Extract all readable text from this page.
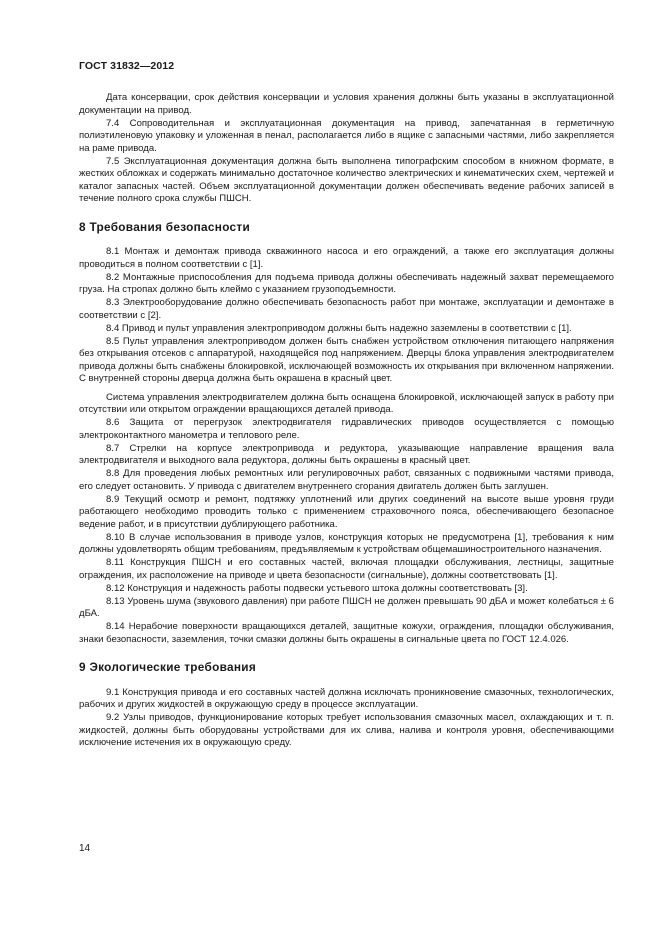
ГОСТ 31832—2012

Дата консервации, срок действия консервации и условия хранения должны быть указаны в эксплуатационной документации на привод.

7.4 Сопроводительная и эксплуатационная документация на привод, запечатанная в герметичную полиэтиленовую упаковку и уложенная в пенал, располагается либо в ящике с запасными частями, либо закрепляется на раме привода.

7.5 Эксплуатационная документация должна быть выполнена типографским способом в книжном формате, в жестких обложках и содержать минимально достаточное количество электрических и кинематических схем, чертежей и каталог запасных частей. Объем эксплуатационной документации должен обеспечивать ведение рабочих записей в течение полного срока службы ПШСН.

8 Требования безопасности

8.1 Монтаж и демонтаж привода скважинного насоса и его ограждений, а также его эксплуатация должны проводиться в полном соответствии с [1].

8.2 Монтажные приспособления для подъема привода должны обеспечивать надежный захват перемещаемого груза. На стропах должно быть клеймо с указанием грузоподъемности.

8.3 Электрооборудование должно обеспечивать безопасность работ при монтаже, эксплуатации и демонтаже в соответствии с [2].

8.4 Привод и пульт управления электроприводом должны быть надежно заземлены в соответствии с [1].

8.5 Пульт управления электроприводом должен быть снабжен устройством отключения питающего напряжения без открывания отсеков с аппаратурой, находящейся под напряжением. Дверцы блока управления электродвигателем привода должны быть снабжены блокировкой, исключающей возможность их открывания при включенном напряжении. С внутренней стороны дверца должна быть окрашена в красный цвет.

Система управления электродвигателем должна быть оснащена блокировкой, исключающей запуск в работу при отсутствии или открытом ограждении вращающихся деталей привода.

8.6 Защита от перегрузок электродвигателя гидравлических приводов осуществляется с помощью электроконтактного манометра и теплового реле.

8.7 Стрелки на корпусе электропривода и редуктора, указывающие направление вращения вала электродвигателя и выходного вала редуктора, должны быть окрашены в красный цвет.

8.8 Для проведения любых ремонтных или регулировочных работ, связанных с подвижными частями привода, его следует остановить. У привода с двигателем внутреннего сгорания двигатель должен быть заглушен.

8.9 Текущий осмотр и ремонт, подтяжку уплотнений или других соединений на высоте выше уровня груди работающего необходимо проводить только с применением страховочного пояса, обеспечивающего безопасное ведение работ, и в присутствии дублирующего работника.

8.10 В случае использования в приводе узлов, конструкция которых не предусмотрена [1], требования к ним должны удовлетворять общим требованиям, предъявляемым к устройствам общемашиностроительного назначения.

8.11 Конструкция ПШСН и его составных частей, включая площадки обслуживания, лестницы, защитные ограждения, их расположение на приводе и цвета безопасности (сигнальные), должны соответствовать [1].

8.12 Конструкция и надежность работы подвески устьевого штока должны соответствовать [3].

8.13 Уровень шума (звукового давления) при работе ПШСН не должен превышать 90 дБА и может колебаться ± 6 дБА.

8.14 Нерабочие поверхности вращающихся деталей, защитные кожухи, ограждения, площадки обслуживания, знаки безопасности, заземления, точки смазки должны быть окрашены в сигнальные цвета по ГОСТ 12.4.026.

9 Экологические требования

9.1 Конструкция привода и его составных частей должна исключать проникновение смазочных, технологических, рабочих и других жидкостей в окружающую среду в процессе эксплуатации.

9.2 Узлы приводов, функционирование которых требует использования смазочных масел, охлаждающих и т. п. жидкостей, должны быть оборудованы устройствами для их слива, налива и контроля уровня, обеспечивающими исключение истечения их в окружающую среду.

14
